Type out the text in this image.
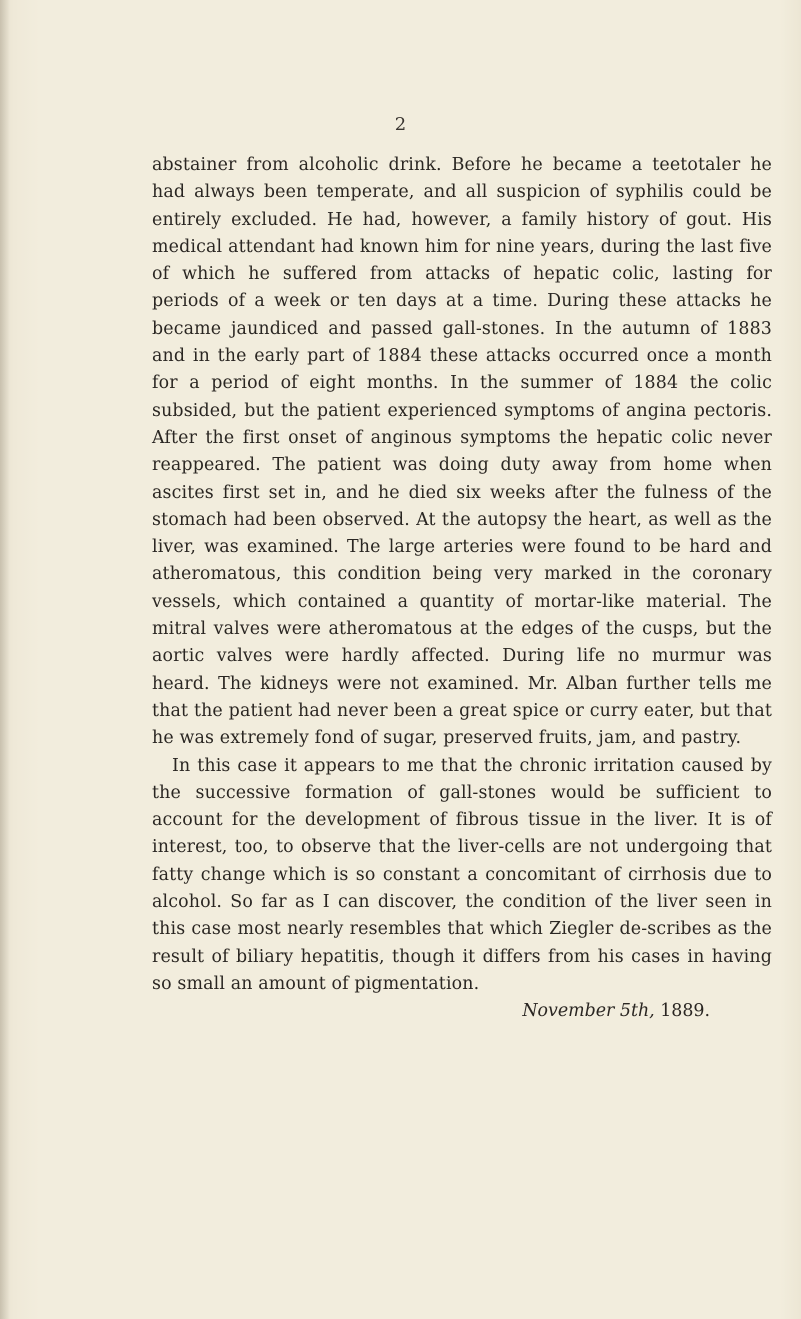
2

abstainer from alcoholic drink. Before he became a teetotaler he had always been temperate, and all suspicion of syphilis could be entirely excluded. He had, however, a family history of gout. His medical attendant had known him for nine years, during the last five of which he suffered from attacks of hepatic colic, lasting for periods of a week or ten days at a time. During these attacks he became jaundiced and passed gall-stones. In the autumn of 1883 and in the early part of 1884 these attacks occurred once a month for a period of eight months. In the summer of 1884 the colic subsided, but the patient experienced symptoms of angina pectoris. After the first onset of anginous symptoms the hepatic colic never reappeared. The patient was doing duty away from home when ascites first set in, and he died six weeks after the fulness of the stomach had been observed. At the autopsy the heart, as well as the liver, was examined. The large arteries were found to be hard and atheromatous, this condition being very marked in the coronary vessels, which contained a quantity of mortar-like material. The mitral valves were atheromatous at the edges of the cusps, but the aortic valves were hardly affected. During life no murmur was heard. The kidneys were not examined. Mr. Alban further tells me that the patient had never been a great spice or curry eater, but that he was extremely fond of sugar, preserved fruits, jam, and pastry.

In this case it appears to me that the chronic irritation caused by the successive formation of gall-stones would be sufficient to account for the development of fibrous tissue in the liver. It is of interest, too, to observe that the liver-cells are not undergoing that fatty change which is so constant a concomitant of cirrhosis due to alcohol. So far as I can discover, the condition of the liver seen in this case most nearly resembles that which Ziegler de-scribes as the result of biliary hepatitis, though it differs from his cases in having so small an amount of pigmentation.

November 5th, 1889.
